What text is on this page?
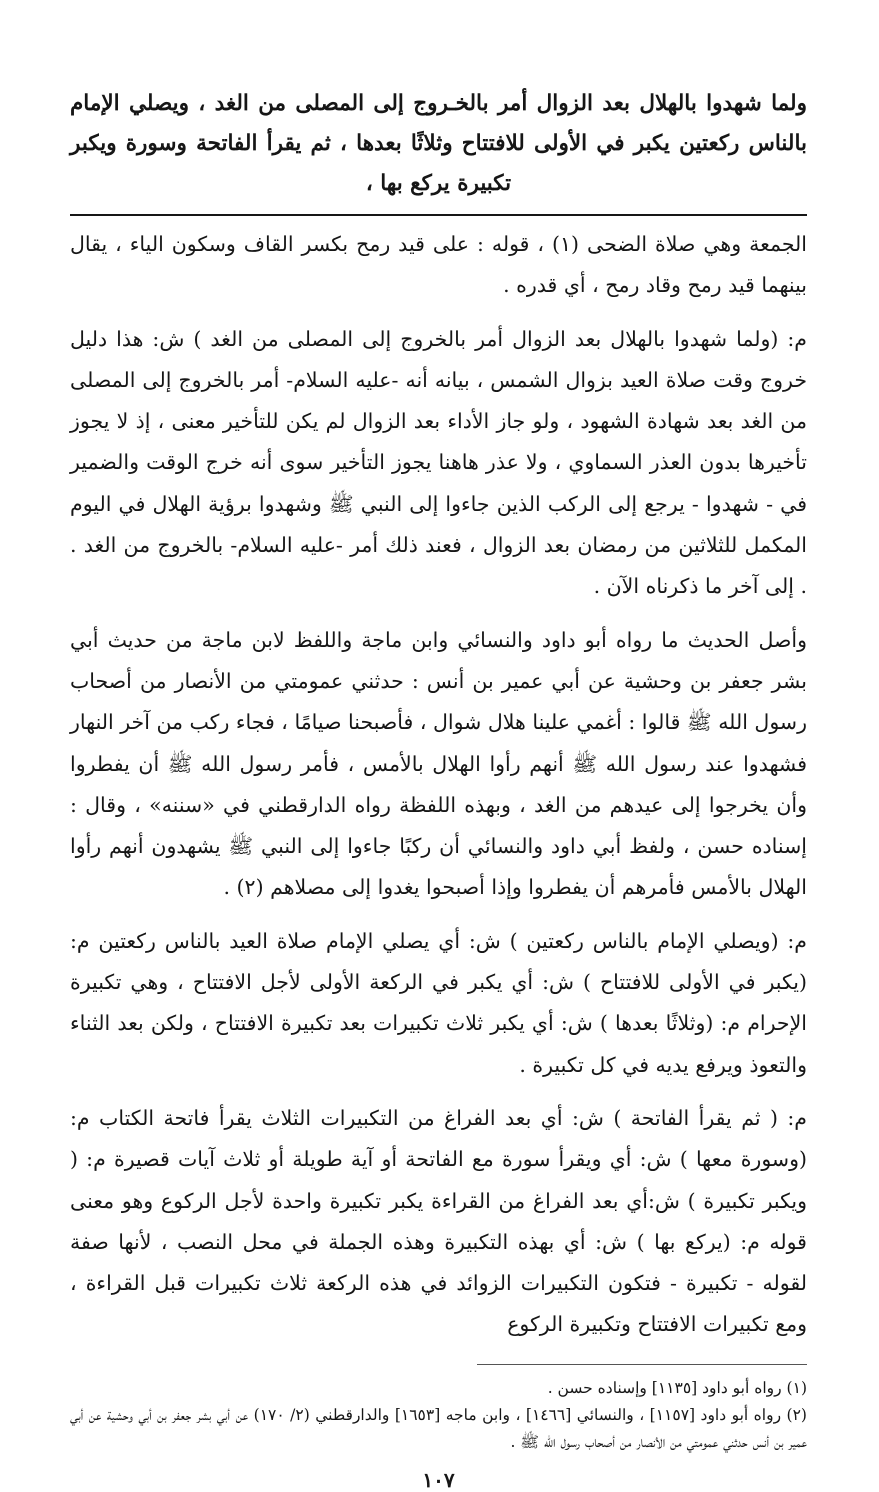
ولما شهدوا بالهلال بعد الزوال أمر بالخـروج إلى المصلى من الغد ، ويصلي الإمام بالناس ركعتين يكبر في الأولى للافتتاح وثلاثًا بعدها ، ثم يقرأ الفاتحة وسورة ويكبر تكبيرة يركع بها ،

الجمعة وهي صلاة الضحى (١) ، قوله : على قيد رمح بكسر القاف وسكون الياء ، يقال بينهما قيد رمح وقاد رمح ، أي قدره .

م: (ولما شهدوا بالهلال بعد الزوال أمر بالخروج إلى المصلى من الغد ) ش: هذا دليل خروج وقت صلاة العيد بزوال الشمس ، بيانه أنه -عليه السلام- أمر بالخروج إلى المصلى من الغد بعد شهادة الشهود ، ولو جاز الأداء بعد الزوال لم يكن للتأخير معنى ، إذ لا يجوز تأخيرها بدون العذر السماوي ، ولا عذر هاهنا يجوز التأخير سوى أنه خرج الوقت والضمير في - شهدوا - يرجع إلى الركب الذين جاءوا إلى النبي ﷺ وشهدوا برؤية الهلال في اليوم المكمل للثلاثين من رمضان بعد الزوال ، فعند ذلك أمر -عليه السلام- بالخروج من الغد . . إلى آخر ما ذكرناه الآن .

وأصل الحديث ما رواه أبو داود والنسائي وابن ماجة واللفظ لابن ماجة من حديث أبي بشر جعفر بن وحشية عن أبي عمير بن أنس : حدثني عمومتي من الأنصار من أصحاب رسول الله ﷺ قالوا : أغمي علينا هلال شوال ، فأصبحنا صيامًا ، فجاء ركب من آخر النهار فشهدوا عند رسول الله ﷺ أنهم رأوا الهلال بالأمس ، فأمر رسول الله ﷺ أن يفطروا وأن يخرجوا إلى عيدهم من الغد ، وبهذه اللفظة رواه الدارقطني في «سننه» ، وقال : إسناده حسن ، ولفظ أبي داود والنسائي أن ركبًا جاءوا إلى النبي ﷺ يشهدون أنهم رأوا الهلال بالأمس فأمرهم أن يفطروا وإذا أصبحوا يغدوا إلى مصلاهم (٢) .

م: (ويصلي الإمام بالناس ركعتين ) ش: أي يصلي الإمام صلاة العيد بالناس ركعتين م: (يكبر في الأولى للافتتاح ) ش: أي يكبر في الركعة الأولى لأجل الافتتاح ، وهي تكبيرة الإحرام م: (وثلاثًا بعدها ) ش: أي يكبر ثلاث تكبيرات بعد تكبيرة الافتتاح ، ولكن بعد الثناء والتعوذ ويرفع يديه في كل تكبيرة .

م: ( ثم يقرأ الفاتحة ) ش: أي بعد الفراغ من التكبيرات الثلاث يقرأ فاتحة الكتاب م: (وسورة معها ) ش: أي ويقرأ سورة مع الفاتحة أو آية طويلة أو ثلاث آيات قصيرة م: ( ويكبر تكبيرة ) ش:أي بعد الفراغ من القراءة يكبر تكبيرة واحدة لأجل الركوع وهو معنى قوله م: (يركع بها ) ش: أي بهذه التكبيرة وهذه الجملة في محل النصب ، لأنها صفة لقوله - تكبيرة - فتكون التكبيرات الزوائد في هذه الركعة ثلاث تكبيرات قبل القراءة ، ومع تكبيرات الافتتاح وتكبيرة الركوع

(١) رواه أبو داود [١١٣٥] وإسناده حسن .
(٢) رواه أبو داود [١١٥٧] ، والنسائي [١٤٦٦] ، وابن ماجه [١٦٥٣] والدارقطني (٢/ ١٧٠) عن أبي بشر جعفر بن أبي وحشية عن أبي عمير بن أنس حدثني عمومتي من الأنصار من أصحاب رسول الله ﷺ .
١٠٧
